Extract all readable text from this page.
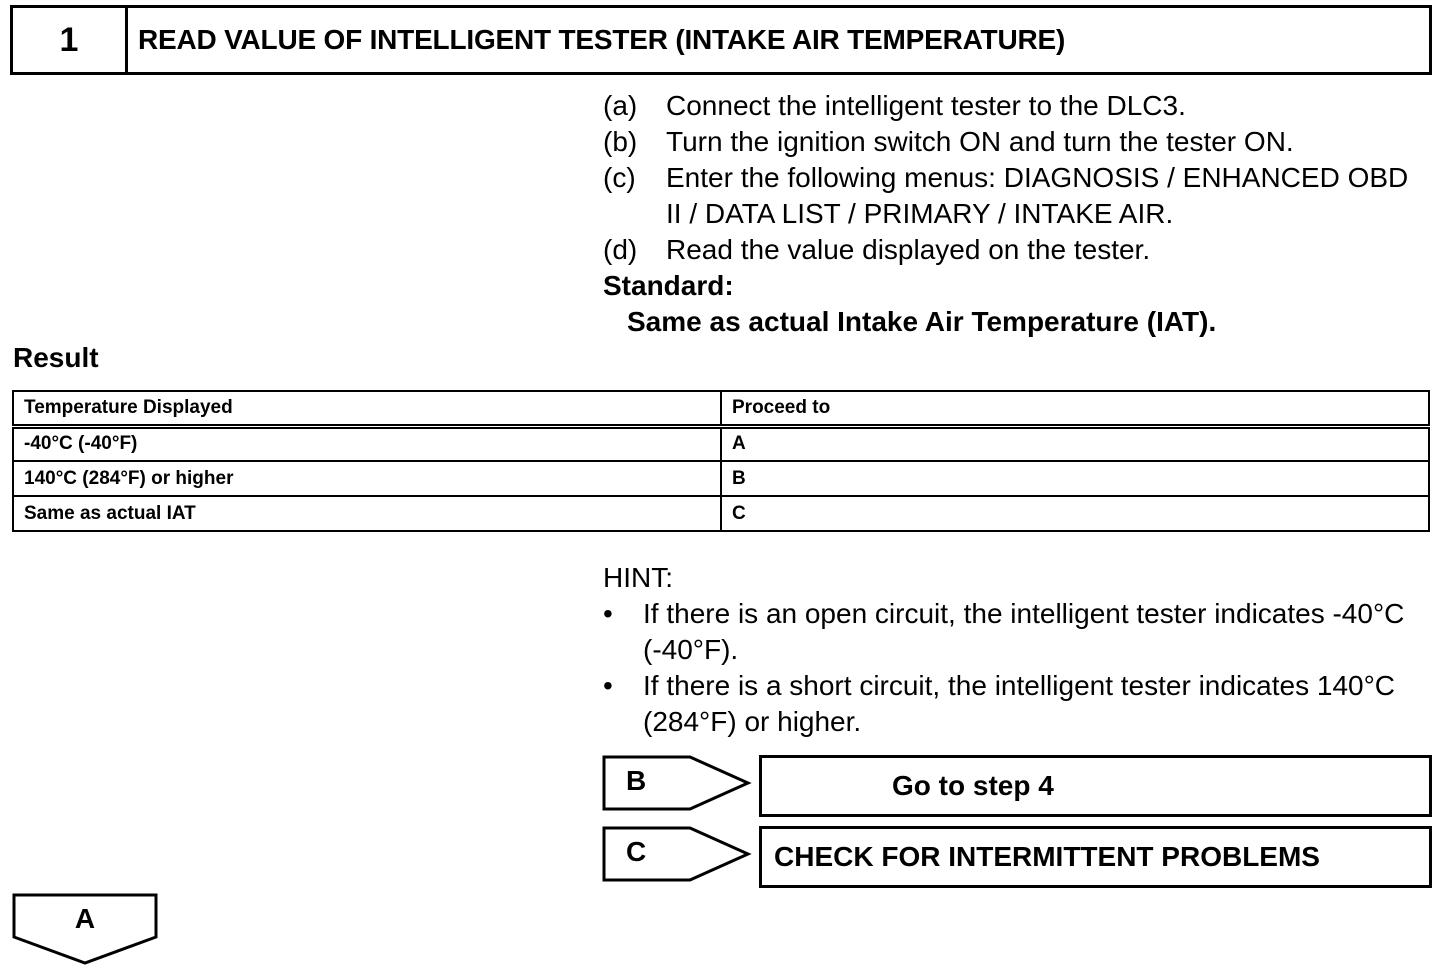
1	READ VALUE OF INTELLIGENT TESTER (INTAKE AIR TEMPERATURE)
(a)	Connect the intelligent tester to the DLC3.
(b)	Turn the ignition switch ON and turn the tester ON.
(c)	Enter the following menus: DIAGNOSIS / ENHANCED OBD II / DATA LIST / PRIMARY / INTAKE AIR.
(d)	Read the value displayed on the tester.
Standard:
Same as actual Intake Air Temperature (IAT).
Result
Temperature Displayed	Proceed to
-40°C (-40°F)	A
140°C (284°F) or higher	B
Same as actual IAT	C
HINT:
•	If there is an open circuit, the intelligent tester indicates -40°C (-40°F).
•	If there is a short circuit, the intelligent tester indicates 140°C (284°F) or higher.
B	Go to step 4
C	CHECK FOR INTERMITTENT PROBLEMS
A
